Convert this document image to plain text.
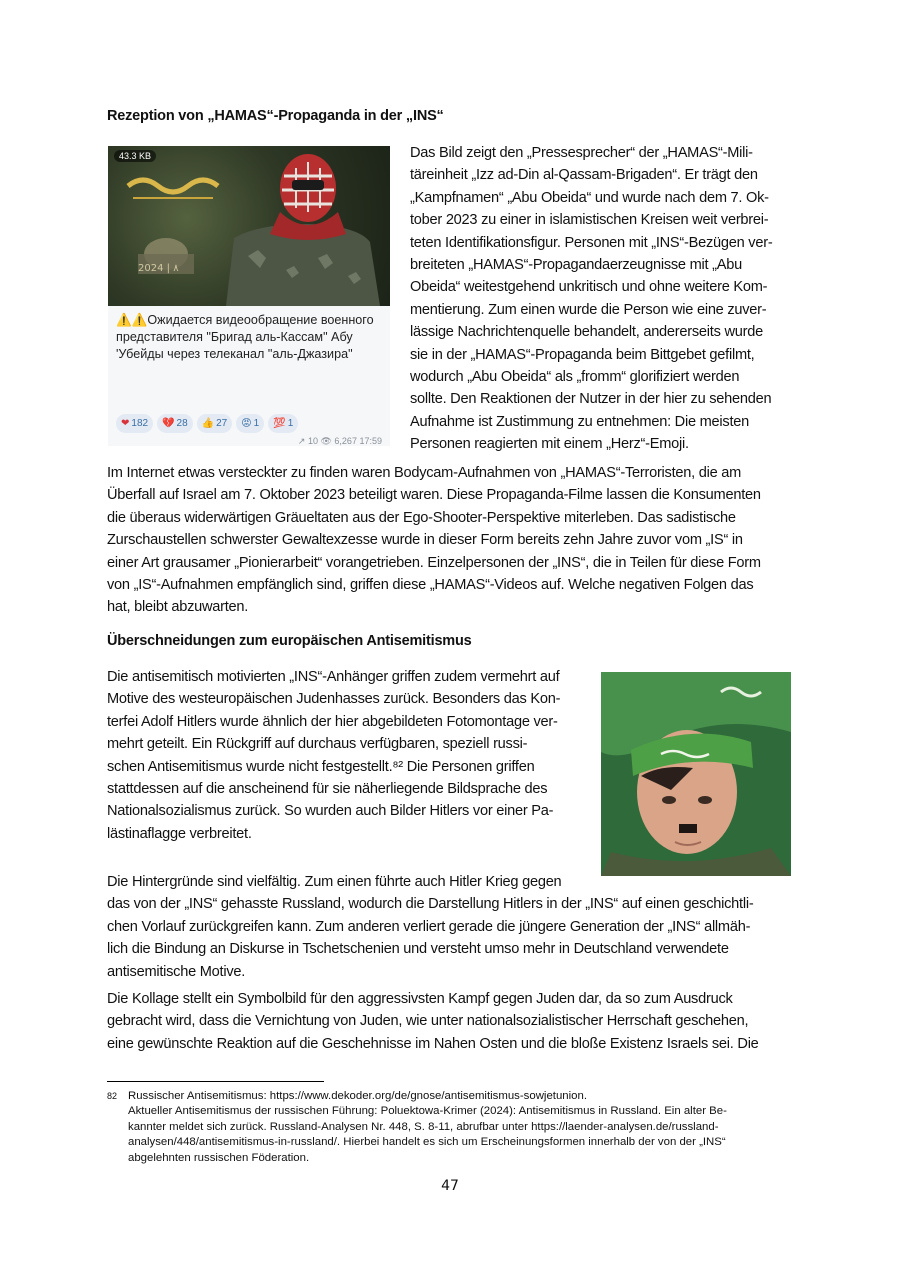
Rezeption von „HAMAS“-Propaganda in der „INS“
2024 | ٨
43.3 KB
⚠️⚠️Ожидается видеообращение военного представителя "Бригад аль-Кассам" Абу 'Убейды через телеканал "аль-Джазира"
❤ 182 💔 28 👍 27 😡 1 💯 1
↗ 10 👁 6,267 17:59
Das Bild zeigt den „Pressesprecher“ der „HAMAS“-Mili-
täreinheit „Izz ad-Din al-Qassam-Brigaden“. Er trägt den
„Kampfnamen“ „Abu Obeida“ und wurde nach dem 7. Ok-
tober 2023 zu einer in islamistischen Kreisen weit verbrei-
teten Identifikationsfigur. Personen mit „INS“-Bezügen ver-
breiteten „HAMAS“-Propagandaerzeugnisse mit „Abu
Obeida“ weitestgehend unkritisch und ohne weitere Kom-
mentierung. Zum einen wurde die Person wie eine zuver-
lässige Nachrichtenquelle behandelt, andererseits wurde
sie in der „HAMAS“-Propaganda beim Bittgebet gefilmt,
wodurch „Abu Obeida“ als „fromm“ glorifiziert werden
sollte. Den Reaktionen der Nutzer in der hier zu sehenden
Aufnahme ist Zustimmung zu entnehmen: Die meisten
Personen reagierten mit einem „Herz“-Emoji.
Im Internet etwas versteckter zu finden waren Bodycam-Aufnahmen von „HAMAS“-Terroristen, die am
Überfall auf Israel am 7. Oktober 2023 beteiligt waren. Diese Propaganda-Filme lassen die Konsumenten
die überaus widerwärtigen Gräueltaten aus der Ego-Shooter-Perspektive miterleben. Das sadistische
Zurschaustellen schwerster Gewaltexzesse wurde in dieser Form bereits zehn Jahre zuvor vom „IS“ in
einer Art grausamer „Pionierarbeit“ vorangetrieben. Einzelpersonen der „INS“, die in Teilen für diese Form
von „IS“-Aufnahmen empfänglich sind, griffen diese „HAMAS“-Videos auf. Welche negativen Folgen das
hat, bleibt abzuwarten.
Überschneidungen zum europäischen Antisemitismus
Die antisemitisch motivierten „INS“-Anhänger griffen zudem vermehrt auf
Motive des westeuropäischen Judenhasses zurück. Besonders das Kon-
terfei Adolf Hitlers wurde ähnlich der hier abgebildeten Fotomontage ver-
mehrt geteilt. Ein Rückgriff auf durchaus verfügbaren, speziell russi-
schen Antisemitismus wurde nicht festgestellt.⁸² Die Personen griffen
stattdessen auf die anscheinend für sie näherliegende Bildsprache des
Nationalsozialismus zurück. So wurden auch Bilder Hitlers vor einer Pa-
lästinaflagge verbreitet.
Die Hintergründe sind vielfältig. Zum einen führte auch Hitler Krieg gegen
das von der „INS“ gehasste Russland, wodurch die Darstellung Hitlers in der „INS“ auf einen geschichtli-
chen Vorlauf zurückgreifen kann. Zum anderen verliert gerade die jüngere Generation der „INS“ allmäh-
lich die Bindung an Diskurse in Tschetschenien und versteht umso mehr in Deutschland verwendete
antisemitische Motive.
Die Kollage stellt ein Symbolbild für den aggressivsten Kampf gegen Juden dar, da so zum Ausdruck
gebracht wird, dass die Vernichtung von Juden, wie unter nationalsozialistischer Herrschaft geschehen,
eine gewünschte Reaktion auf die Geschehnisse im Nahen Osten und die bloße Existenz Israels sei. Die
82 Russischer Antisemitismus: https://www.dekoder.org/de/gnose/antisemitismus-sowjetunion.
Aktueller Antisemitismus der russischen Führung: Poluektowa-Krimer (2024): Antisemitismus in Russland. Ein alter Be-
kannter meldet sich zurück. Russland-Analysen Nr. 448, S. 8-11, abrufbar unter https://laender-analysen.de/russland-
analysen/448/antisemitismus-in-russland/. Hierbei handelt es sich um Erscheinungsformen innerhalb der von der „INS“
abgelehnten russischen Föderation.
47
